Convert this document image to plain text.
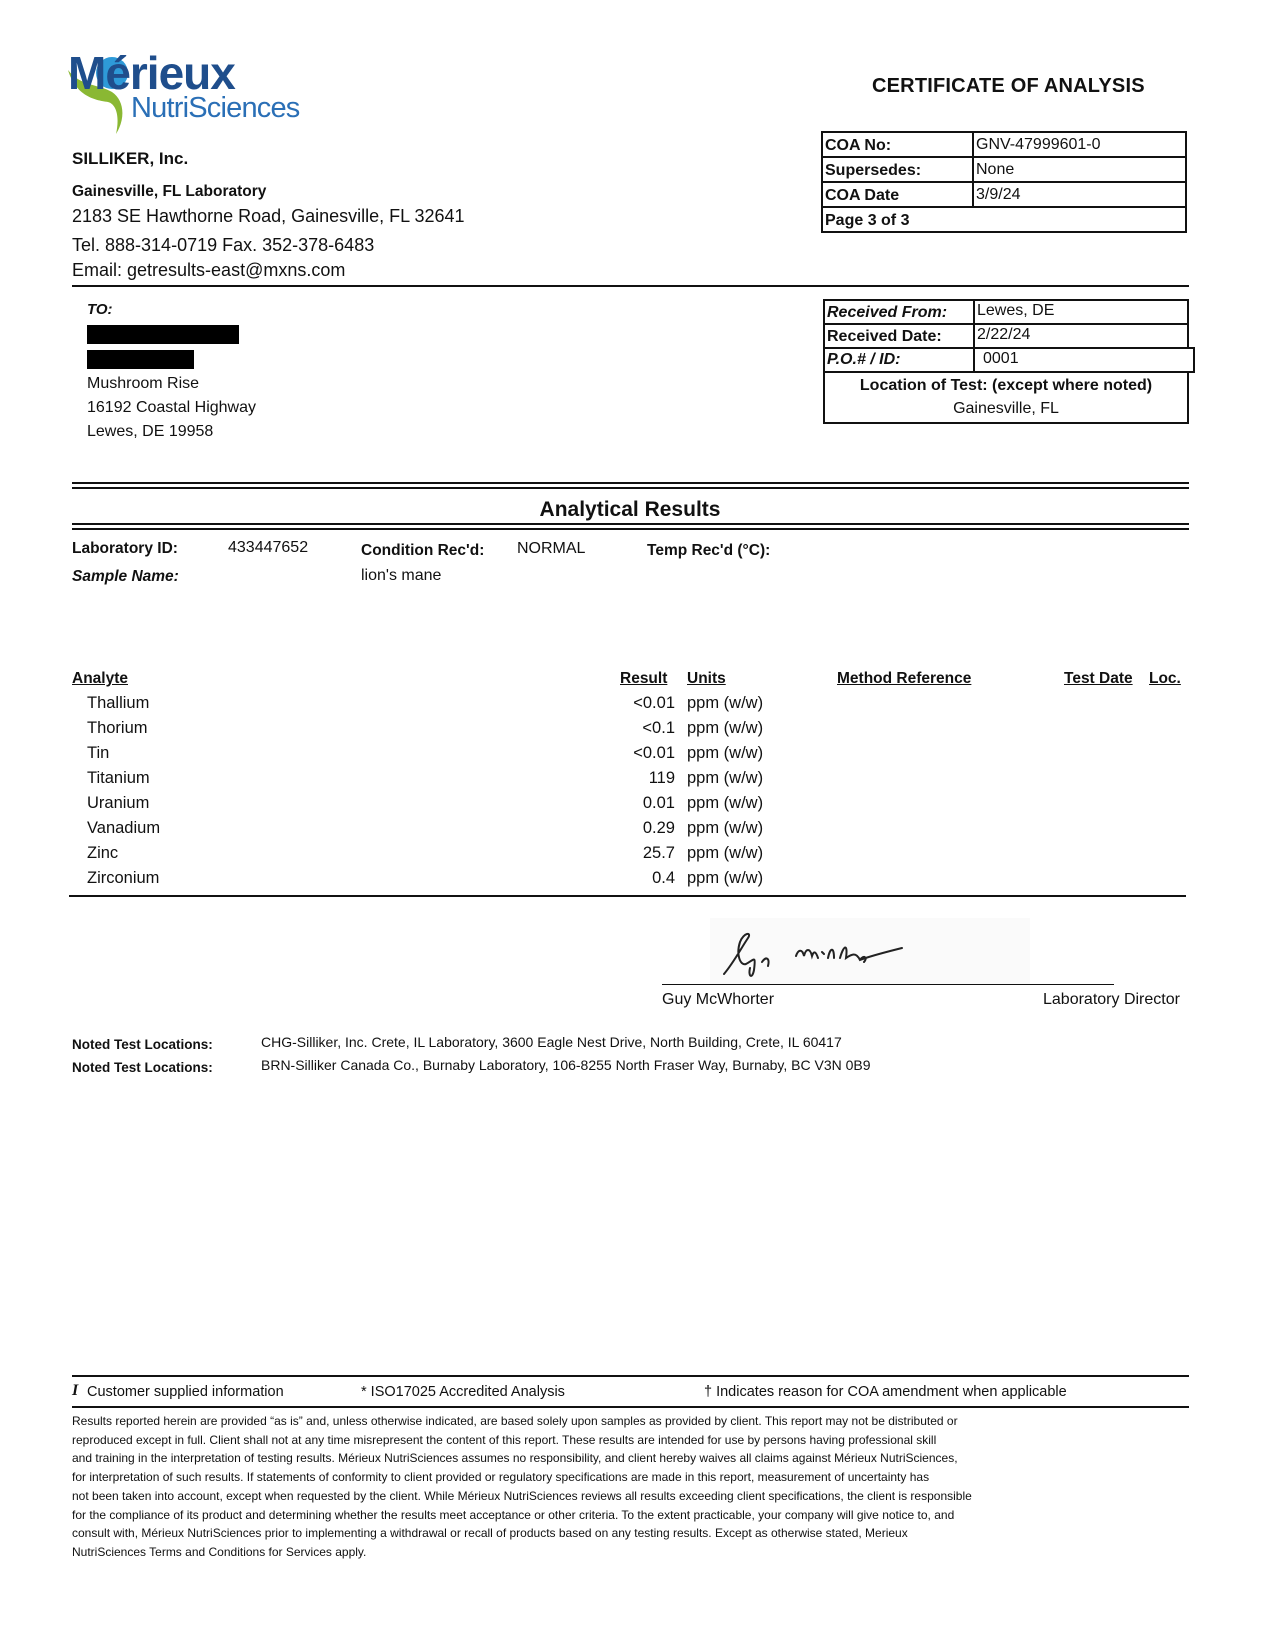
Mérieux
NutriSciences
CERTIFICATE OF ANALYSIS
SILLIKER, Inc.
Gainesville, FL Laboratory
2183 SE Hawthorne Road, Gainesville, FL 32641
Tel. 888-314-0719 Fax. 352-378-6483
Email: getresults-east@mxns.com
COA No:	GNV-47999601-0
Supersedes:	None
COA Date	3/9/24
Page 3 of 3
TO:
Mushroom Rise
16192 Coastal Highway
Lewes, DE 19958
Received From: Lewes, DE
Received Date: 2/22/24
P.O.# / ID:	0001
Location of Test: (except where noted)
Gainesville, FL
Analytical Results
Laboratory ID:	433447652	Condition Rec'd: NORMAL	Temp Rec'd (°C):
Sample Name:	lion's mane
Analyte	Result Units	Method Reference	Test Date Loc.
Thallium	<0.01 ppm (w/w)
Thorium	<0.1 ppm (w/w)
Tin	<0.01 ppm (w/w)
Titanium	119 ppm (w/w)
Uranium	0.01 ppm (w/w)
Vanadium	0.29 ppm (w/w)
Zinc	25.7 ppm (w/w)
Zirconium	0.4 ppm (w/w)
Guy McWhorter	Laboratory Director
Noted Test Locations:	CHG-Silliker, Inc. Crete, IL Laboratory, 3600 Eagle Nest Drive, North Building, Crete, IL 60417
Noted Test Locations:	BRN-Silliker Canada Co., Burnaby Laboratory, 106-8255 North Fraser Way, Burnaby, BC V3N 0B9
I Customer supplied information	* ISO17025 Accredited Analysis	† Indicates reason for COA amendment when applicable
Results reported herein are provided “as is” and, unless otherwise indicated, are based solely upon samples as provided by client. This report may not be distributed or
reproduced except in full. Client shall not at any time misrepresent the content of this report. These results are intended for use by persons having professional skill
and training in the interpretation of testing results. Mérieux NutriSciences assumes no responsibility, and client hereby waives all claims against Mérieux NutriSciences,
for interpretation of such results. If statements of conformity to client provided or regulatory specifications are made in this report, measurement of uncertainty has
not been taken into account, except when requested by the client. While Mérieux NutriSciences reviews all results exceeding client specifications, the client is responsible
for the compliance of its product and determining whether the results meet acceptance or other criteria. To the extent practicable, your company will give notice to, and
consult with, Mérieux NutriSciences prior to implementing a withdrawal or recall of products based on any testing results. Except as otherwise stated, Merieux
NutriSciences Terms and Conditions for Services apply.
